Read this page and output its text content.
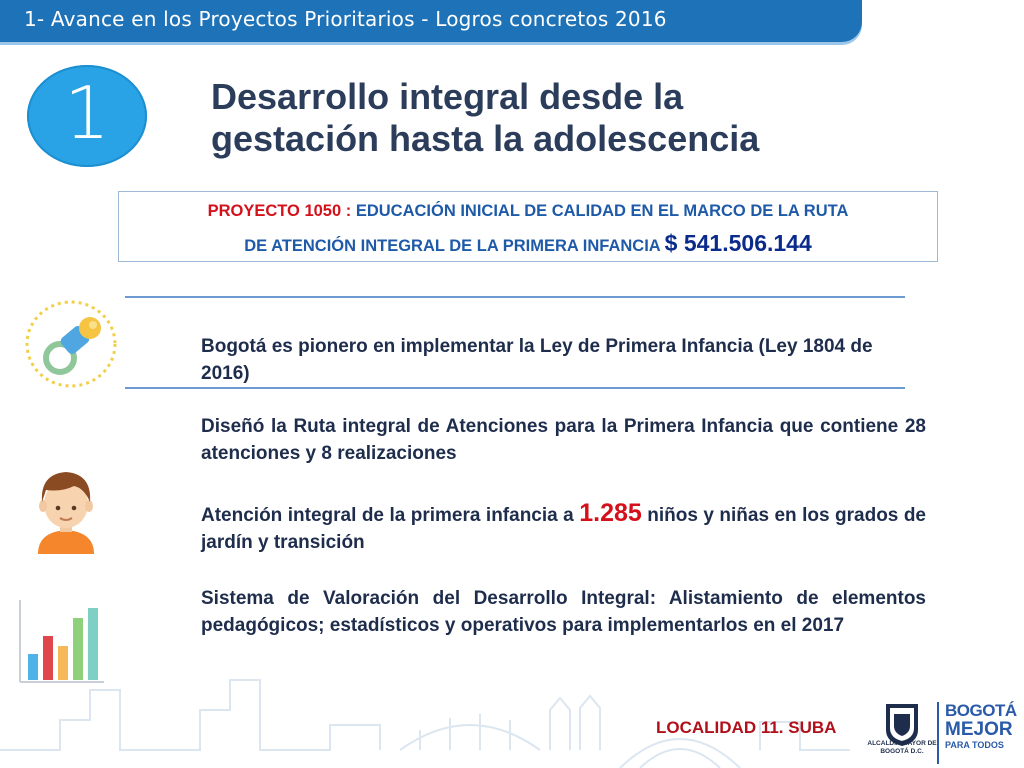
1- Avance en los Proyectos Prioritarios - Logros concretos 2016
1	Desarrollo integral desde la
gestación hasta la adolescencia
PROYECTO 1050 : EDUCACIÓN INICIAL DE CALIDAD EN EL MARCO DE LA RUTA
DE ATENCIÓN INTEGRAL DE LA PRIMERA INFANCIA $ 541.506.144
Bogotá es pionero en implementar la Ley de Primera Infancia (Ley 1804 de 2016)
Diseñó la Ruta integral de Atenciones para la Primera Infancia que contiene 28 atenciones y 8 realizaciones
Atención integral de la primera infancia a 1.285 niños y niñas en los grados de jardín y transición
Sistema de Valoración del Desarrollo Integral: Alistamiento de elementos pedagógicos; estadísticos y operativos para implementarlos en el 2017
LOCALIDAD 11. SUBA
ALCALDÍA MAYOR DE BOGOTÁ D.C.
BOGOTÁ
MEJOR
PARA TODOS
